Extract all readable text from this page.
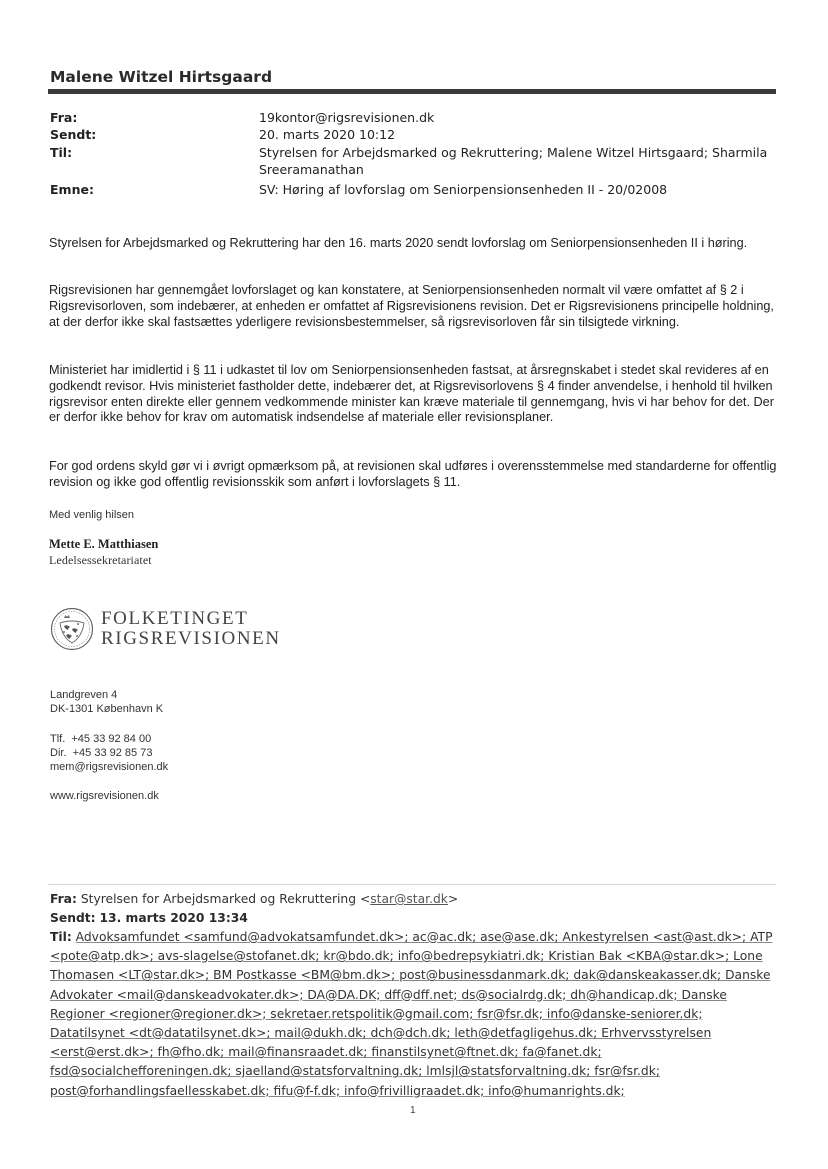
Malene Witzel Hirtsgaard
Fra:	19kontor@rigsrevisionen.dk
Sendt:	20. marts 2020 10:12
Til:	Styrelsen for Arbejdsmarked og Rekruttering; Malene Witzel Hirtsgaard; Sharmila
Sreeramanathan
Emne:	SV: Høring af lovforslag om Seniorpensionsenheden II - 20/02008
Styrelsen for Arbejdsmarked og Rekruttering har den 16. marts 2020 sendt lovforslag om Seniorpensionsenheden II i høring.
Rigsrevisionen har gennemgået lovforslaget og kan konstatere, at Seniorpensionsenheden normalt vil være omfattet af § 2 i Rigsrevisorloven, som indebærer, at enheden er omfattet af Rigsrevisionens revision. Det er Rigsrevisionens principelle holdning, at der derfor ikke skal fastsættes yderligere revisionsbestemmelser, så rigsrevisorloven får sin tilsigtede virkning.
Ministeriet har imidlertid i § 11 i udkastet til lov om Seniorpensionsenheden fastsat, at årsregnskabet i stedet skal revideres af en godkendt revisor. Hvis ministeriet fastholder dette, indebærer det, at Rigsrevisorlovens § 4 finder anvendelse, i henhold til hvilken rigsrevisor enten direkte eller gennem vedkommende minister kan kræve materiale til gennemgang, hvis vi har behov for det. Der er derfor ikke behov for krav om automatisk indsendelse af materiale eller revisionsplaner.
For god ordens skyld gør vi i øvrigt opmærksom på, at revisionen skal udføres i overensstemmelse med standarderne for offentlig revision og ikke god offentlig revisionsskik som anført i lovforslagets § 11.
Med venlig hilsen
Mette E. Matthiasen
Ledelsessekretariatet
FOLKETINGET
RIGSREVISIONEN
Landgreven 4
DK-1301 København K
Tlf.  +45 33 92 84 00
Dir.  +45 33 92 85 73
mem@rigsrevisionen.dk
www.rigsrevisionen.dk
Fra: Styrelsen for Arbejdsmarked og Rekruttering <star@star.dk>
Sendt: 13. marts 2020 13:34
Til: Advoksamfundet <samfund@advokatsamfundet.dk>; ac@ac.dk; ase@ase.dk; Ankestyrelsen <ast@ast.dk>; ATP <pote@atp.dk>; avs-slagelse@stofanet.dk; kr@bdo.dk; info@bedrepsykiatri.dk; Kristian Bak <KBA@star.dk>; Lone Thomasen <LT@star.dk>; BM Postkasse <BM@bm.dk>; post@businessdanmark.dk; dak@danskeakasser.dk; Danske Advokater <mail@danskeadvokater.dk>; DA@DA.DK; dff@dff.net; ds@socialrdg.dk; dh@handicap.dk; Danske Regioner <regioner@regioner.dk>; sekretaer.retspolitik@gmail.com; fsr@fsr.dk; info@danske-seniorer.dk; Datatilsynet <dt@datatilsynet.dk>; mail@dukh.dk; dch@dch.dk; leth@detfagligehus.dk; Erhvervsstyrelsen <erst@erst.dk>; fh@fho.dk; mail@finansraadet.dk; finanstilsynet@ftnet.dk; fa@fanet.dk; fsd@socialchefforeningen.dk; sjaelland@statsforvaltning.dk; lmlsjl@statsforvaltning.dk; fsr@fsr.dk; post@forhandlingsfaellesskabet.dk; fifu@f-f.dk; info@frivilligraadet.dk; info@humanrights.dk;
1
